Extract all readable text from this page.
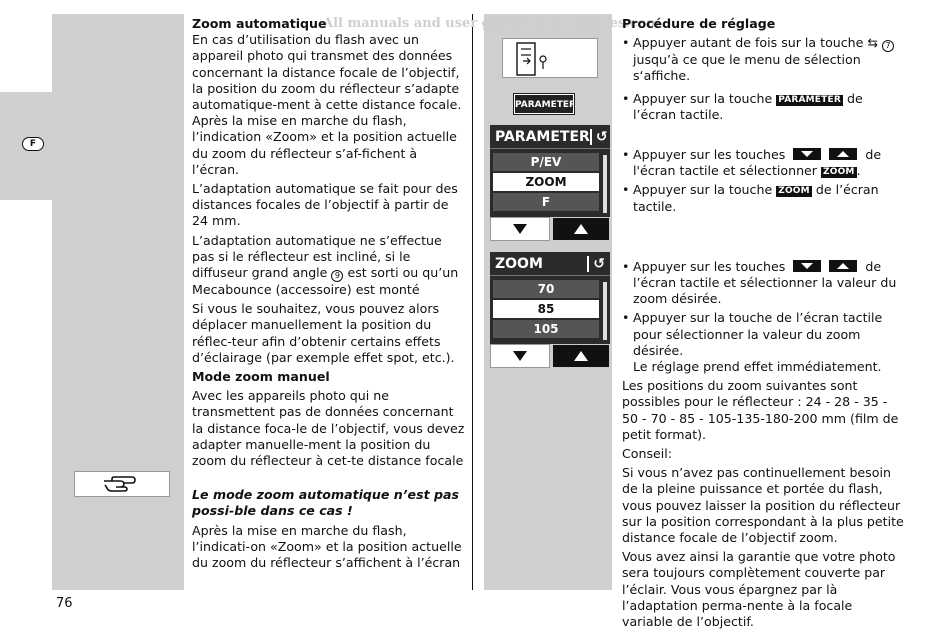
F
All manuals and user guides at all-guides.com
Zoom automatique

En cas d’utilisation du flash avec un appareil photo qui transmet des données concernant la distance focale de l’objectif, la position du zoom du réflecteur s’adapte automatique-ment à cette distance focale. Après la mise en marche du flash, l’indication «Zoom» et la position actuelle du zoom du réflecteur s’af-fichent à l’écran.

L’adaptation automatique se fait pour des distances focales de l’objectif à partir de 24 mm.

L’adaptation automatique ne s’effectue pas si le réflecteur est incliné, si le diffuseur grand angle 9 est sorti ou qu’un Mecabounce (accessoire) est monté

Si vous le souhaitez, vous pouvez alors déplacer manuellement la position du réflec-teur afin d’obtenir certains effets d’éclairage (par exemple effet spot, etc.).

Mode zoom manuel

Avec les appareils photo qui ne transmettent pas de données concernant la distance foca-le de l’objectif, vous devez adapter manuelle-ment la position du zoom du réflecteur à cet-te distance focale

Le mode zoom automatique n’est pas possi-ble dans ce cas !

Après la mise en marche du flash, l’indicati-on «Zoom» et la position actuelle du zoom du réflecteur s’affichent à l’écran

PARAMETER
PARAMETER ↺
P/EV
ZOOM
F
ZOOM	↺
70
85
105
Procédure de réglage

• Appuyer autant de fois sur la touche ⇆ 7 jusqu’à ce que le menu de sélection s‘affiche.

• Appuyer sur la touche PARAMETER de l’écran tactile.

• Appuyer sur les touches	de l'écran tactile et sélectionner ZOOM .

• Appuyer sur la touche ZOOM de l’écran tactile.

• Appuyer sur les touches	de l’écran tactile et sélectionner la valeur du zoom désirée.

• Appuyer sur la touche de l’écran tactile pour sélectionner la valeur du zoom désirée.
Le réglage prend effet immédiatement.

Les positions du zoom suivantes sont possibles pour le réflecteur : 24 - 28 - 35 - 50 - 70 - 85 - 105-135-180-200 mm (film de petit format).

Conseil:

Si vous n’avez pas continuellement besoin de la pleine puissance et portée du flash, vous pouvez laisser la position du réflecteur sur la position correspondant à la plus petite distance focale de l’objectif zoom.

Vous avez ainsi la garantie que votre photo sera toujours complètement couverte par l’éclair. Vous vous épargnez par là l’adaptation perma-nente à la focale variable de l’objectif.

76
